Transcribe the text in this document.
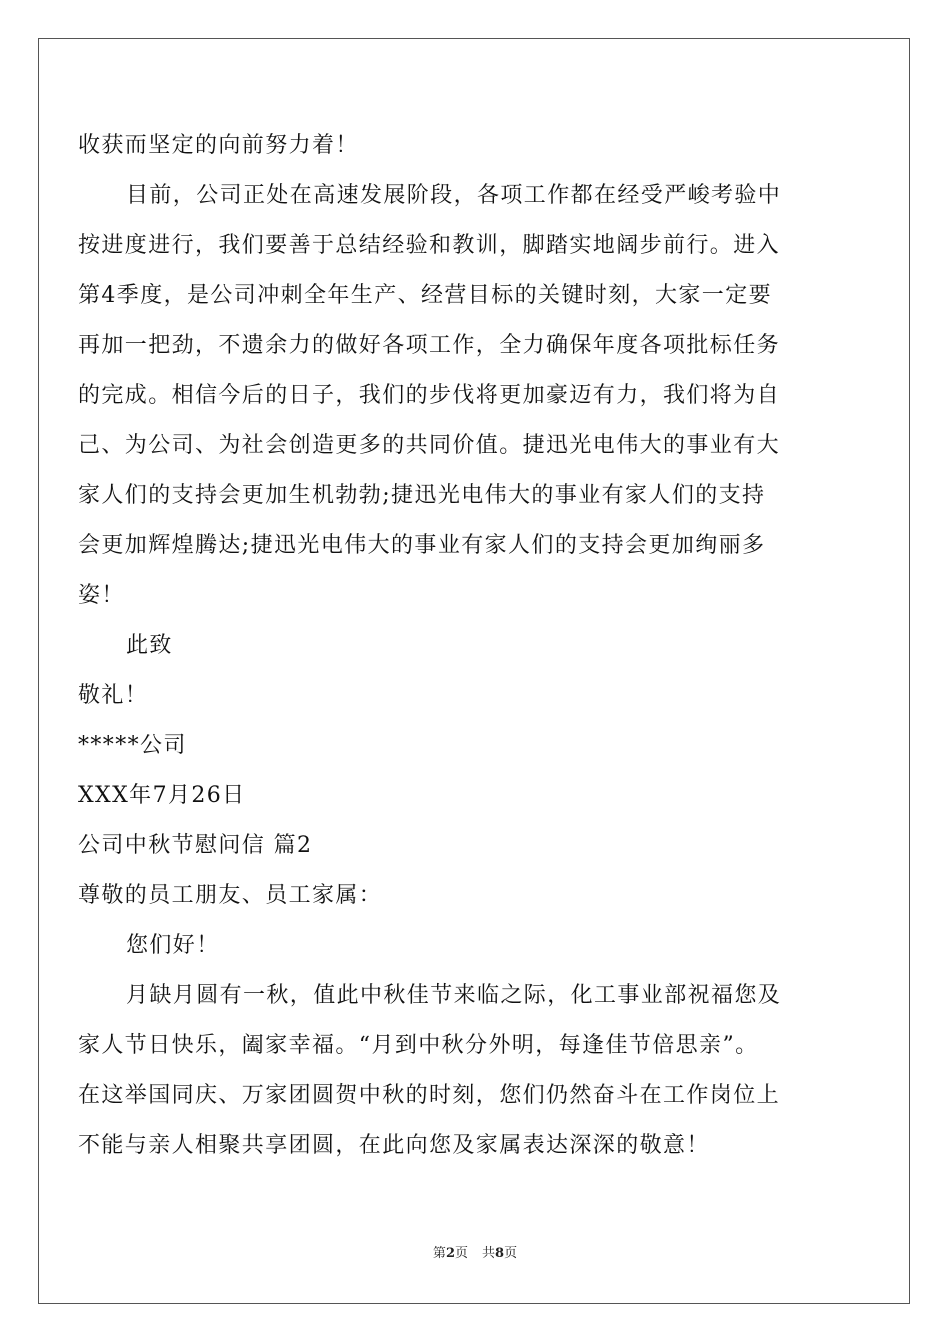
收获而坚定的向前努力着！
目前，公司正处在高速发展阶段，各项工作都在经受严峻考验中
按进度进行，我们要善于总结经验和教训，脚踏实地阔步前行。进入
第4季度，是公司冲刺全年生产、经营目标的关键时刻，大家一定要
再加一把劲，不遗余力的做好各项工作，全力确保年度各项批标任务
的完成。相信今后的日子，我们的步伐将更加豪迈有力，我们将为自
己、为公司、为社会创造更多的共同价值。捷迅光电伟大的事业有大
家人们的支持会更加生机勃勃;捷迅光电伟大的事业有家人们的支持
会更加辉煌腾达;捷迅光电伟大的事业有家人们的支持会更加绚丽多
姿！
此致
敬礼！
*****公司
XXX年7月26日
公司中秋节慰问信 篇2
尊敬的员工朋友、员工家属：
您们好！
月缺月圆有一秋，值此中秋佳节来临之际，化工事业部祝福您及
家人节日快乐，阖家幸福。“月到中秋分外明，每逢佳节倍思亲”。
在这举国同庆、万家团圆贺中秋的时刻，您们仍然奋斗在工作岗位上
不能与亲人相聚共享团圆，在此向您及家属表达深深的敬意！
第2页 共8页
